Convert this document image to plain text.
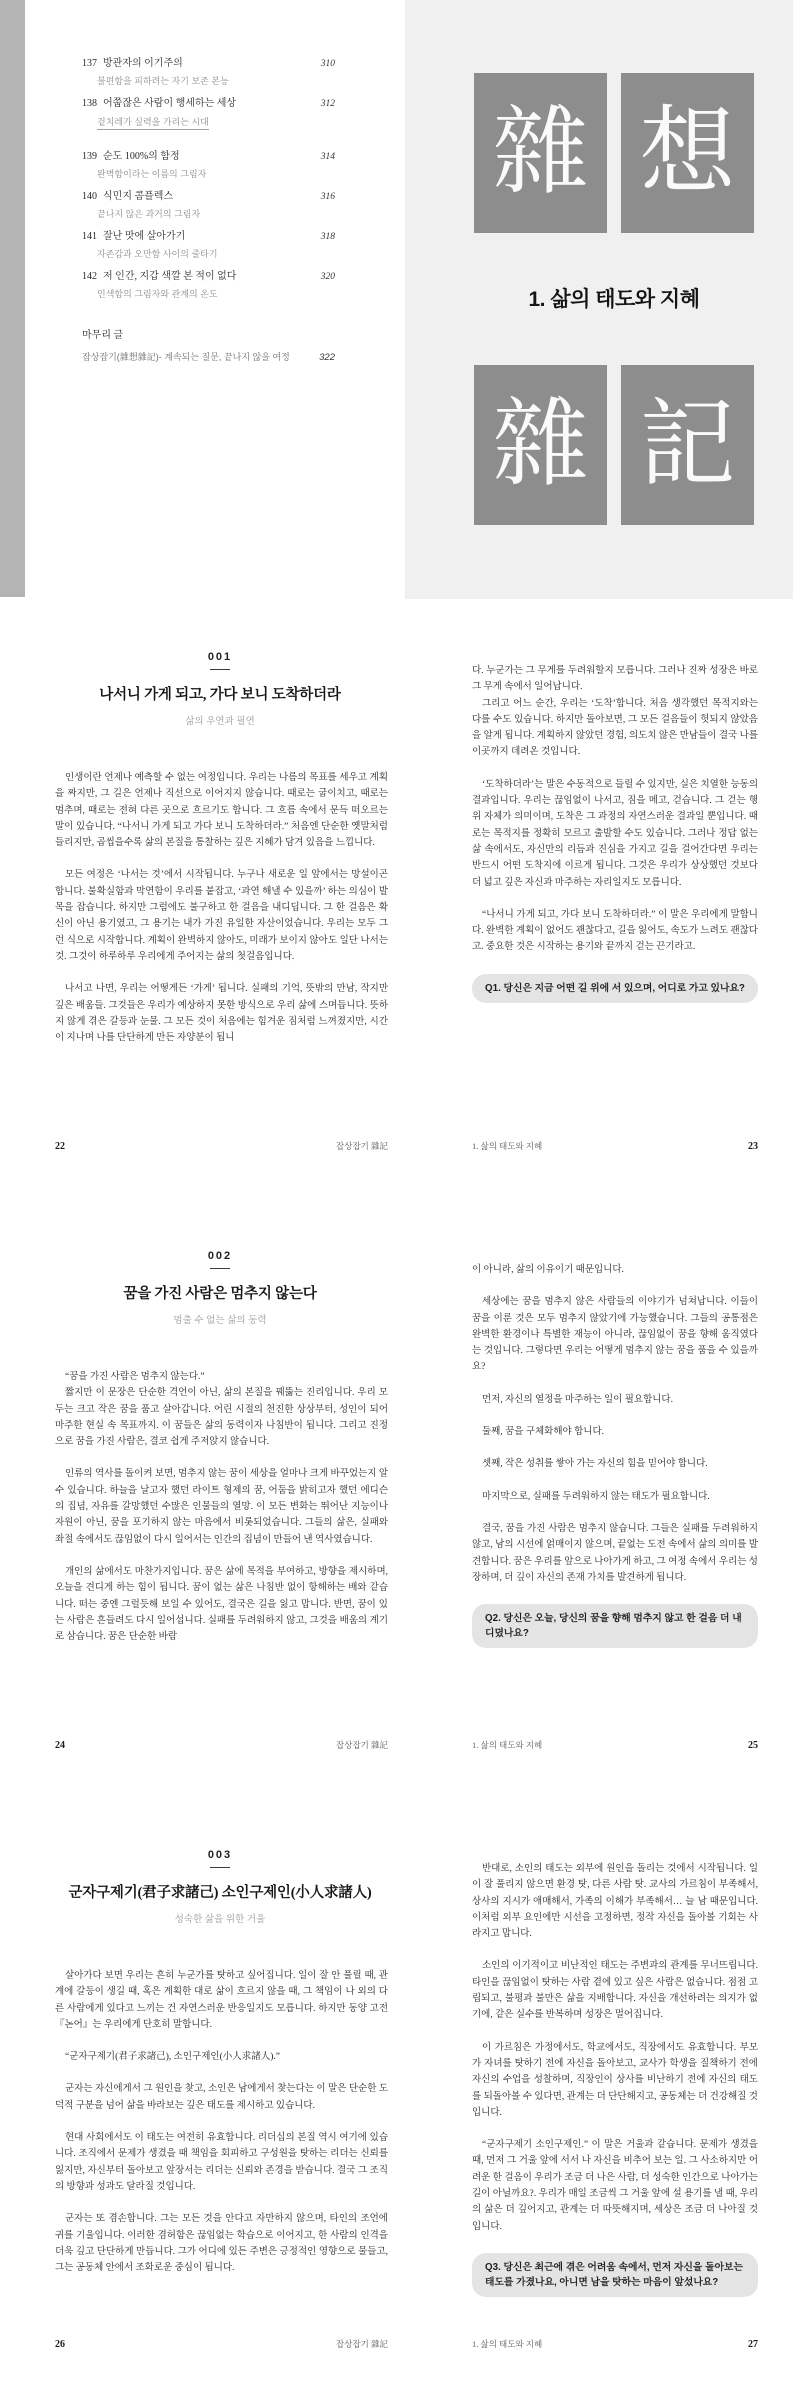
137 방관자의 이기주의	310
불편함을 피하려는 자기 보존 본능
138 어쭙잖은 사람이 행세하는 세상	312
겉치레가 실력을 가리는 시대
139 순도 100%의 함정	314
완벽함이라는 이름의 그림자
140 식민지 콤플렉스	316
끝나지 않은 과거의 그림자
141 잘난 맛에 살아가기	318
자존감과 오만함 사이의 줄타기
142 저 인간, 지갑 색깔 본 적이 없다	320
인색함의 그림자와 관계의 온도
마무리 글
잡상잡기(雜想雜記)- 계속되는 질문, 끝나지 않을 여정	322
雜 想
1. 삶의 태도와 지혜
雜 記
001
나서니 가게 되고, 가다 보니 도착하더라
삶의 우연과 필연

인생이란 언제나 예측할 수 없는 여정입니다. 우리는 나름의 목표를 세우고 계획을 짜지만, 그 길은 언제나 직선으로 이어지지 않습니다. 때로는 굽이치고, 때로는 멈추며, 때로는 전혀 다른 곳으로 흐르기도 합니다. 그 흐름 속에서 문득 떠오르는 말이 있습니다. “나서니 가게 되고 가다 보니 도착하더라.” 처음엔 단순한 옛말처럼 들리지만, 곱씹을수록 삶의 본질을 통찰하는 깊은 지혜가 담겨 있음을 느낍니다.

모든 여정은 ‘나서는 것’에서 시작됩니다. 누구나 새로운 일 앞에서는 망설이곤 합니다. 불확실함과 막연함이 우리를 붙잡고, ‘과연 해낼 수 있을까’ 하는 의심이 발목을 잡습니다. 하지만 그럼에도 불구하고 한 걸음을 내디딥니다. 그 한 걸음은 확신이 아닌 용기였고, 그 용기는 내가 가진 유일한 자산이었습니다. 우리는 모두 그런 식으로 시작합니다. 계획이 완벽하지 않아도, 미래가 보이지 않아도 일단 나서는 것. 그것이 하루하루 우리에게 주어지는 삶의 첫걸음입니다.

나서고 나면, 우리는 어떻게든 ‘가게’ 됩니다. 실패의 기억, 뜻밖의 만남, 작지만 깊은 배움들. 그것들은 우리가 예상하지 못한 방식으로 우리 삶에 스며듭니다. 뜻하지 않게 겪은 갈등과 눈물. 그 모든 것이 처음에는 힘겨운 짐처럼 느껴졌지만, 시간이 지나며 나를 단단하게 만든 자양분이 됩니

다. 누군가는 그 무게를 두려워할지 모릅니다. 그러나 진짜 성장은 바로 그 무게 속에서 일어납니다.

그리고 어느 순간, 우리는 ‘도착’합니다. 처음 생각했던 목적지와는 다를 수도 있습니다. 하지만 돌아보면, 그 모든 걸음들이 헛되지 않았음을 알게 됩니다. 계획하지 않았던 경험, 의도치 않은 만남들이 결국 나를 이곳까지 데려온 것입니다.

‘도착하더라’는 말은 수동적으로 들릴 수 있지만, 실은 치열한 능동의 결과입니다. 우리는 끊임없이 나서고, 짐을 메고, 걷습니다. 그 걷는 행위 자체가 의미이며, 도착은 그 과정의 자연스러운 결과일 뿐입니다. 때로는 목적지를 정확히 모르고 출발할 수도 있습니다. 그러나 정답 없는 삶 속에서도, 자신만의 리듬과 진심을 가지고 길을 걸어간다면 우리는 반드시 어떤 도착지에 이르게 됩니다. 그것은 우리가 상상했던 것보다 더 넓고 깊은 자신과 마주하는 자리일지도 모릅니다.

“나서니 가게 되고, 가다 보니 도착하더라.” 이 말은 우리에게 말합니다. 완벽한 계획이 없어도 괜찮다고, 길을 잃어도, 속도가 느려도 괜찮다고. 중요한 것은 시작하는 용기와 끝까지 걷는 끈기라고.

Q1. 당신은 지금 어떤 길 위에 서 있으며, 어디로 가고 있나요?
22	잡상잡기 雜記	1. 삶의 태도와 지혜	23
002
꿈을 가진 사람은 멈추지 않는다
멈출 수 없는 삶의 동력

“꿈을 가진 사람은 멈추지 않는다.”

짧지만 이 문장은 단순한 격언이 아닌, 삶의 본질을 꿰뚫는 진리입니다. 우리 모두는 크고 작은 꿈을 품고 살아갑니다. 어린 시절의 천진한 상상부터, 성인이 되어 마주한 현실 속 목표까지. 이 꿈들은 삶의 동력이자 나침반이 됩니다. 그리고 진정으로 꿈을 가진 사람은, 결코 쉽게 주저앉지 않습니다.

인류의 역사를 돌이켜 보면, 멈추지 않는 꿈이 세상을 얼마나 크게 바꾸었는지 알 수 있습니다. 하늘을 날고자 했던 라이트 형제의 꿈, 어둠을 밝히고자 했던 에디슨의 집념, 자유를 갈망했던 수많은 인물들의 열망. 이 모든 변화는 뛰어난 지능이나 자원이 아닌, 꿈을 포기하지 않는 마음에서 비롯되었습니다. 그들의 삶은, 실패와 좌절 속에서도 끊임없이 다시 일어서는 인간의 집념이 만들어 낸 역사였습니다.

개인의 삶에서도 마찬가지입니다. 꿈은 삶에 목적을 부여하고, 방향을 제시하며, 오늘을 견디게 하는 힘이 됩니다. 꿈이 없는 삶은 나침반 없이 항해하는 배와 같습니다. 떠는 중엔 그럴듯해 보일 수 있어도, 결국은 길을 잃고 맙니다. 반면, 꿈이 있는 사람은 흔들려도 다시 일어섭니다. 실패를 두려워하지 않고, 그것을 배움의 계기로 삼습니다. 꿈은 단순한 바람

이 아니라, 삶의 이유이기 때문입니다.

세상에는 꿈을 멈추지 않은 사람들의 이야기가 넘쳐납니다. 이들이 꿈을 이룬 것은 모두 멈추지 않았기에 가능했습니다. 그들의 공통점은 완벽한 환경이나 특별한 재능이 아니라, 끊임없이 꿈을 향해 움직였다는 것입니다. 그렇다면 우리는 어떻게 멈추지 않는 꿈을 품을 수 있을까요?

먼저, 자신의 열정을 마주하는 일이 필요합니다.

둘째, 꿈을 구체화해야 합니다.

셋째, 작은 성취를 쌓아 가는 자신의 힘을 믿어야 합니다.

마지막으로, 실패를 두려워하지 않는 태도가 필요합니다.

결국, 꿈을 가진 사람은 멈추지 않습니다. 그들은 실패를 두려워하지 않고, 남의 시선에 얽매이지 않으며, 끝없는 도전 속에서 삶의 의미를 발견합니다. 꿈은 우리를 앞으로 나아가게 하고, 그 여정 속에서 우리는 성장하며, 더 깊이 자신의 존재 가치를 발견하게 됩니다.

Q2. 당신은 오늘, 당신의 꿈을 향해 멈추지 않고 한 걸음 더 내디뎠나요?
24	잡상잡기 雜記	1. 삶의 태도와 지혜	25
003
군자구제기(君子求諸己) 소인구제인(小人求諸人)
성숙한 삶을 위한 거울

살아가다 보면 우리는 흔히 누군가를 탓하고 싶어집니다. 일이 잘 안 풀릴 때, 관계에 갈등이 생길 때, 혹은 계획한 대로 삶이 흐르지 않을 때, 그 책임이 나 외의 다른 사람에게 있다고 느끼는 건 자연스러운 반응일지도 모릅니다. 하지만 동양 고전 『논어』는 우리에게 단호히 말합니다.

“군자구제기(君子求諸己), 소인구제인(小人求諸人).”

군자는 자신에게서 그 원인을 찾고, 소인은 남에게서 찾는다는 이 말은 단순한 도덕적 구분을 넘어 삶을 바라보는 깊은 태도를 제시하고 있습니다.

현대 사회에서도 이 태도는 여전히 유효합니다. 리더십의 본질 역시 여기에 있습니다. 조직에서 문제가 생겼을 때 책임을 회피하고 구성원을 탓하는 리더는 신뢰를 잃지만, 자신부터 돌아보고 앞장서는 리더는 신뢰와 존경을 받습니다. 결국 그 조직의 방향과 성과도 달라질 것입니다.

군자는 또 겸손합니다. 그는 모든 것을 안다고 자만하지 않으며, 타인의 조언에 귀를 기울입니다. 이러한 겸허함은 끊임없는 학습으로 이어지고, 한 사람의 인격을 더욱 깊고 단단하게 만듭니다. 그가 어디에 있든 주변은 긍정적인 영향으로 물들고, 그는 공동체 안에서 조화로운 중심이 됩니다.

반대로, 소인의 태도는 외부에 원인을 돌리는 것에서 시작됩니다. 일이 잘 풀리지 않으면 환경 탓, 다른 사람 탓. 교사의 가르침이 부족해서, 상사의 지시가 애매해서, 가족의 이해가 부족해서… 늘 남 때문입니다. 이처럼 외부 요인에만 시선을 고정하면, 정작 자신을 돌아볼 기회는 사라지고 맙니다.

소인의 이기적이고 비난적인 태도는 주변과의 관계를 무너뜨립니다. 타인을 끊임없이 탓하는 사람 곁에 있고 싶은 사람은 없습니다. 점점 고립되고, 불평과 불만은 삶을 지배합니다. 자신을 개선하려는 의지가 없기에, 같은 실수를 반복하며 성장은 멀어집니다.

이 가르침은 가정에서도, 학교에서도, 직장에서도 유효합니다. 부모가 자녀를 탓하기 전에 자신을 돌아보고, 교사가 학생을 질책하기 전에 자신의 수업을 성찰하며, 직장인이 상사를 비난하기 전에 자신의 태도를 되돌아볼 수 있다면, 관계는 더 단단해지고, 공동체는 더 건강해질 것입니다.

“군자구제기 소인구제인.” 이 말은 거울과 같습니다. 문제가 생겼을 때, 먼저 그 거울 앞에 서서 나 자신을 비추어 보는 일. 그 사소하지만 어려운 한 걸음이 우리가 조금 더 나은 사람, 더 성숙한 인간으로 나아가는 길이 아닐까요?. 우리가 매일 조금씩 그 거울 앞에 설 용기를 낼 때, 우리의 삶은 더 깊어지고, 관계는 더 따뜻해지며, 세상은 조금 더 나아질 것입니다.

Q3. 당신은 최근에 겪은 어려움 속에서, 먼저 자신을 돌아보는 태도를 가졌나요, 아니면 남을 탓하는 마음이 앞섰나요?
26	잡상잡기 雜記	1. 삶의 태도와 지혜	27
